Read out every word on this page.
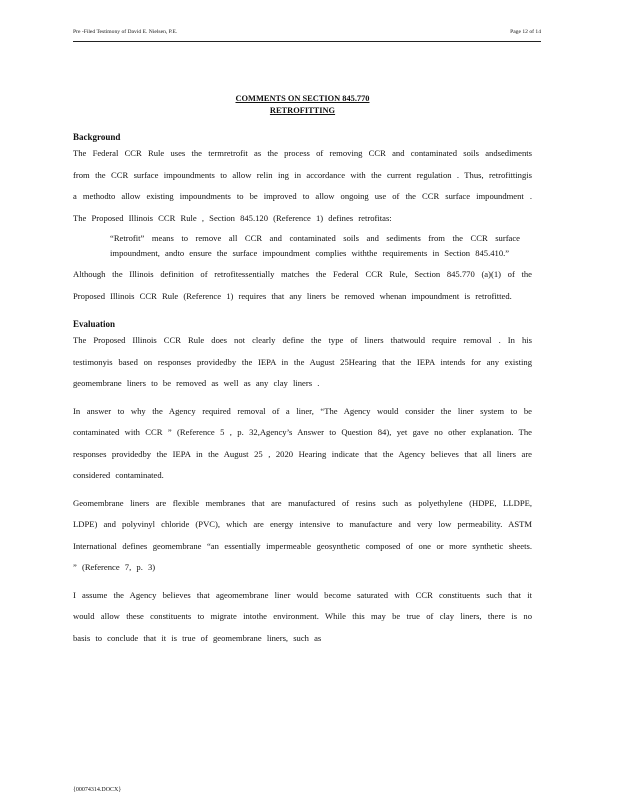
Pre -Filed Testimony of David E. Nielsen, P.E.	Page 12 of 14
COMMENTS ON SECTION 845.770
RETROFITTING

Background

The Federal CCR Rule uses the termretrofit as the process of removing CCR and contaminated soils andsediments from the CCR surface impoundments to allow relin ing in accordance with the current regulation . Thus, retrofittingis a methodto allow existing impoundments to be improved to allow ongoing use of the CCR surface impoundment . The Proposed Illinois CCR Rule , Section 845.120 (Reference 1) defines retrofitas:

“Retrofit” means to remove all CCR and contaminated soils and sediments from the CCR surface impoundment, andto ensure the surface impoundment complies withthe requirements in Section 845.410.”

Although the Illinois definition of retrofitessentially matches the Federal CCR Rule, Section 845.770 (a)(1) of the Proposed Illinois CCR Rule (Reference 1) requires that any liners be removed whenan impoundment is retrofitted.

Evaluation

The Proposed Illinois CCR Rule does not clearly define the type of liners thatwould require removal . In his testimonyis based on responses providedby the IEPA in the August 25Hearing that the IEPA intends for any existing geomembrane liners to be removed as well as any clay liners .

In answer to why the Agency required removal of a liner, “The Agency would consider the liner system to be contaminated with CCR ” (Reference 5 , p. 32,Agency’s Answer to Question 84), yet gave no other explanation. The responses providedby the IEPA in the August 25 , 2020 Hearing indicate that the Agency believes that all liners are considered contaminated.

Geomembrane liners are flexible membranes that are manufactured of resins such as polyethylene (HDPE, LLDPE, LDPE) and polyvinyl chloride (PVC), which are energy intensive to manufacture and very low permeability. ASTM International defines geomembrane “an essentially impermeable geosynthetic composed of one or more synthetic sheets. ” (Reference 7, p. 3)

I assume the Agency believes that ageomembrane liner would become saturated with CCR constituents such that it would allow these constituents to migrate intothe environment. While this may be true of clay liners, there is no basis to conclude that it is true of geomembrane liners, such as

{00074314.DOCX}
